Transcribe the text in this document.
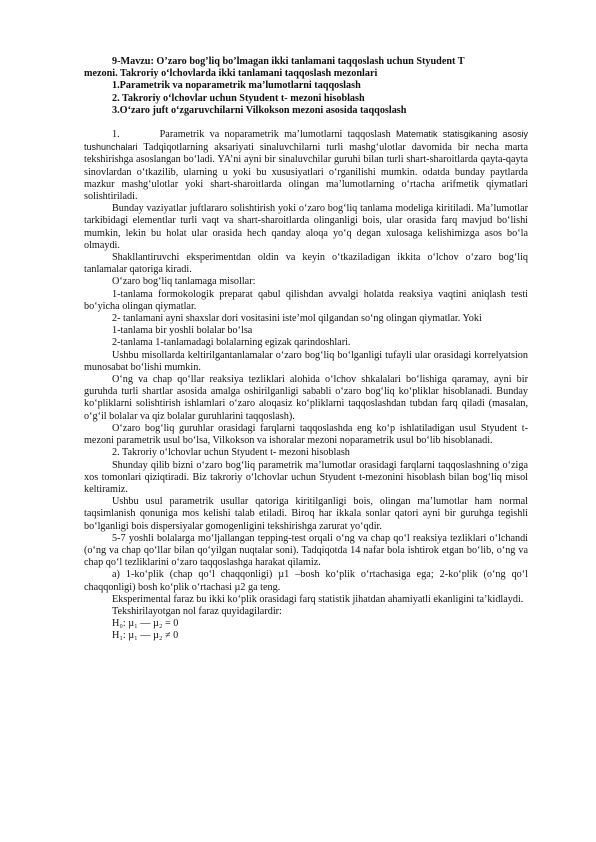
9-Mavzu: O’zaro bog’liq bo’lmagan ikki tanlamani taqqoslash uchun Styudent T

mezoni. Takroriy o‘lchovlarda ikki tanlamani taqqoslash mezonlari

1.Parametrik va noparametrik ma’lumotlarni taqqoslash
2. Takroriy o‘lchovlar uchun Styudent t- mezoni hisoblash
3.O‘zaro juft o‘zgaruvchilarni Vilkokson mezoni asosida taqqoslash

1.	Parametrik va noparametrik ma’lumotlarni taqqoslash Matematik statisgikaning asosiy tushunchalari Tadqiqotlarning aksariyati sinaluvchilarni turli mashg‘ulotlar davomida bir necha marta tekshirishga asoslangan bo‘ladi. YA’ni ayni bir sinaluvchilar guruhi bilan turli shart-sharoitlarda qayta-qayta sinovlardan o‘tkazilib, ularning u yoki bu xususiyatlari o‘rganilishi mumkin. odatda bunday paytlarda mazkur mashg‘ulotlar yoki shart-sharoitlarda olingan ma’lumotlarning o‘rtacha arifmetik qiymatlari solishtiriladi.

Bunday vaziyatlar juftlararo solishtirish yoki o‘zaro bog‘liq tanlama modeliga kiritiladi. Ma’lumotlar tarkibidagi elementlar turli vaqt va shart-sharoitlarda olinganligi bois, ular orasida farq mavjud bo‘lishi mumkin, lekin bu holat ular orasida hech qanday aloqa yo‘q degan xulosaga kelishimizga asos bo‘la olmaydi.

Shakllantiruvchi eksperimentdan oldin va keyin o‘tkaziladigan ikkita o‘lchov o‘zaro bog‘liq tanlamalar qatoriga kiradi.

O‘zaro bog‘liq tanlamaga misollar:

1-tanlama formokologik preparat qabul qilishdan avvalgi holatda reaksiya vaqtini aniqlash testi bo‘yicha olingan qiymatlar.

2- tanlamani ayni shaxslar dori vositasini iste’mol qilgandan so‘ng olingan qiymatlar. Yoki

1-tanlama bir yoshli bolalar bo‘lsa

2-tanlama 1-tanlamadagi bolalarning egizak qarindoshlari.

Ushbu misollarda keltirilgantanlamalar o‘zaro bog‘liq bo‘lganligi tufayli ular orasidagi korrelyatsion munosabat bo‘lishi mumkin.

O‘ng va chap qo‘llar reaksiya tezliklari alohida o‘lchov shkalalari bo‘lishiga qaramay, ayni bir guruhda turli shartlar asosida amalga oshirilganligi sababli o‘zaro bog‘liq ko‘pliklar hisoblanadi. Bunday ko‘pliklarni solishtirish ishlamlari o‘zaro aloqasiz ko‘pliklarni taqqoslashdan tubdan farq qiladi (masalan, o‘g‘il bolalar va qiz bolalar guruhlarini taqqoslash).

O‘zaro bog‘liq guruhlar orasidagi farqlarni taqqoslashda eng ko‘p ishlatiladigan usul Styudent t-mezoni parametrik usul bo‘lsa, Vilkokson va ishoralar mezoni noparametrik usul bo‘lib hisoblanadi.

2. Takroriy o‘lchovlar uchun Styudent t- mezoni hisoblash

Shunday qilib bizni o‘zaro bog‘liq parametrik ma’lumotlar orasidagi farqlarni taqqoslashning o‘ziga xos tomonlari qiziqtiradi. Biz takroriy o‘lchovlar uchun Styudent t-mezonini hisoblash bilan bog‘liq misol keltiramiz.

Ushbu usul parametrik usullar qatoriga kiritilganligi bois, olingan ma’lumotlar ham normal taqsimlanish qonuniga mos kelishi talab etiladi. Biroq har ikkala sonlar qatori ayni bir guruhga tegishli bo‘lganligi bois dispersiyalar gomogenligini tekshirishga zarurat yo‘qdir.

5-7 yoshli bolalarga mo‘ljallangan tepping-test orqali o‘ng va chap qo‘l reaksiya tezliklari o‘lchandi (o‘ng va chap qo‘llar bilan qo‘yilgan nuqtalar soni). Tadqiqotda 14 nafar bola ishtirok etgan bo‘lib, o‘ng va chap qo‘l tezliklarini o‘zaro taqqoslashga harakat qilamiz.

a) 1-ko‘plik (chap qo‘l chaqqonligi) µ1 –bosh ko‘plik o‘rtachasiga ega; 2-ko‘plik (o‘ng qo‘l chaqqonligi) bosh ko‘plik o‘rtachasi µ2 ga teng.

Eksperimental faraz bu ikki ko‘plik orasidagi farq statistik jihatdan ahamiyatli ekanligini ta’kidlaydi.

Tekshirilayotgan nol faraz quyidagilardir:

H₀: µ₁ — µ₂ = 0

H₁: µ₁ — µ₂ ≠ 0
